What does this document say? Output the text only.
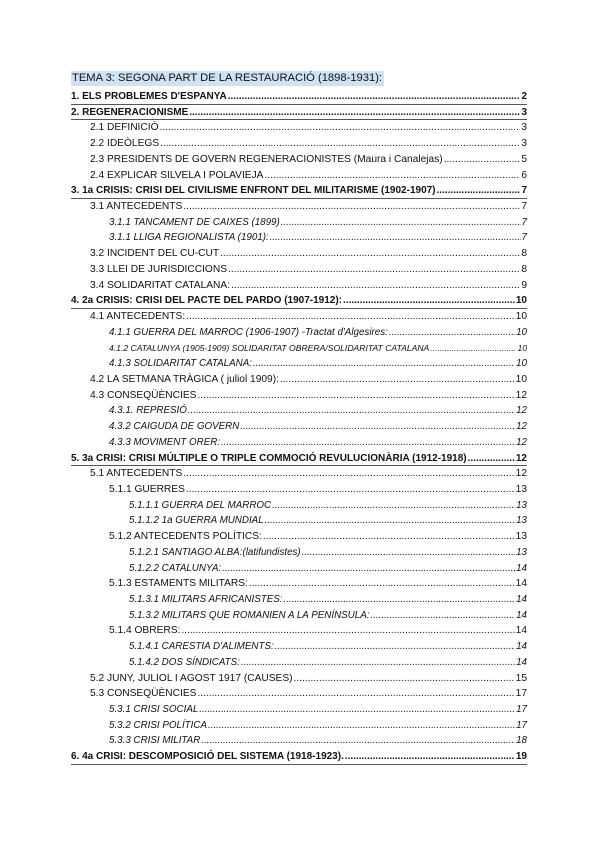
TEMA 3: SEGONA PART DE LA RESTAURACIÓ (1898-1931):
1. ELS PROBLEMES D'ESPANYA .....	2
2. REGENERACIONISME .....	3
2.1 DEFINICIÓ .....	3
2.2 IDEÒLEGS .....	3
2.3 PRESIDENTS DE GOVERN REGENERACIONISTES (Maura i Canalejas) .....	5
2.4 EXPLICAR SILVELA I POLAVIEJA .....	6
3. 1a CRISIS: CRISI DEL CIVILISME ENFRONT DEL MILITARISME (1902-1907) .....	7
3.1 ANTECEDENTS .....	7
3.1.1 TANCAMENT DE CAIXES (1899) .....	7
3.1.1 LLIGA REGIONALISTA (1901): .....	7
3.2 INCIDENT DEL CU-CUT .....	8
3.3 LLEI DE JURISDICCIONS .....	8
3.4 SOLIDARITAT CATALANA: .....	9
4. 2a CRISIS: CRISI DEL PACTE DEL PARDO (1907-1912): .....	10
4.1 ANTECEDENTS: .....	10
4.1.1 GUERRA DEL MARROC (1906-1907) -Tractat d'Algesires: .....	10
4.1.2 CATALUNYA (1905-1909) SOLIDARITAT OBRERA/SOLIDARITAT CATALANA .....	10
4.1.3 SOLIDARITAT CATALANA: .....	10
4.2 LA SETMANA TRÀGICA ( juliol 1909): .....	10
4.3 CONSEQÜÈNCIES .....	12
4.3.1. REPRESIÓ .....	12
4.3.2 CAIGUDA DE GOVERN .....	12
4.3.3 MOVIMENT ORER: .....	12
5. 3a CRISI: CRISI MÚLTIPLE O TRIPLE COMMOCIÓ REVULUCIONÀRIA (1912-1918) .....	12
5.1 ANTECEDENTS .....	12
5.1.1 GUERRES .....	13
5.1.1.1 GUERRA DEL MARROC .....	13
5.1.1.2 1a GUERRA MUNDIAL .....	13
5.1.2 ANTECEDENTS POLÍTICS: .....	13
5.1.2.1 SANTIAGO ALBA:(latifundistes) .....	13
5.1.2.2 CATALUNYA: .....	14
5.1.3 ESTAMENTS MILITARS: .....	14
5.1.3.1 MILITARS AFRICANISTES: .....	14
5.1.3.2 MILITARS QUE ROMANIEN A LA PENÍNSULA: .....	14
5.1.4 OBRERS: .....	14
5.1.4.1 CARESTIA D'ALIMENTS: .....	14
5.1.4.2 DOS SÍNDICATS: .....	14
5.2 JUNY, JULIOL I AGOST 1917 (CAUSES) .....	15
5.3 CONSEQÜÈNCIES .....	17
5.3.1 CRISI SOCIAL .....	17
5.3.2 CRISI POLÍTICA .....	17
5.3.3 CRISI MILITAR .....	18
6. 4a CRISI: DESCOMPOSICIÓ DEL SISTEMA (1918-1923). .....	19
